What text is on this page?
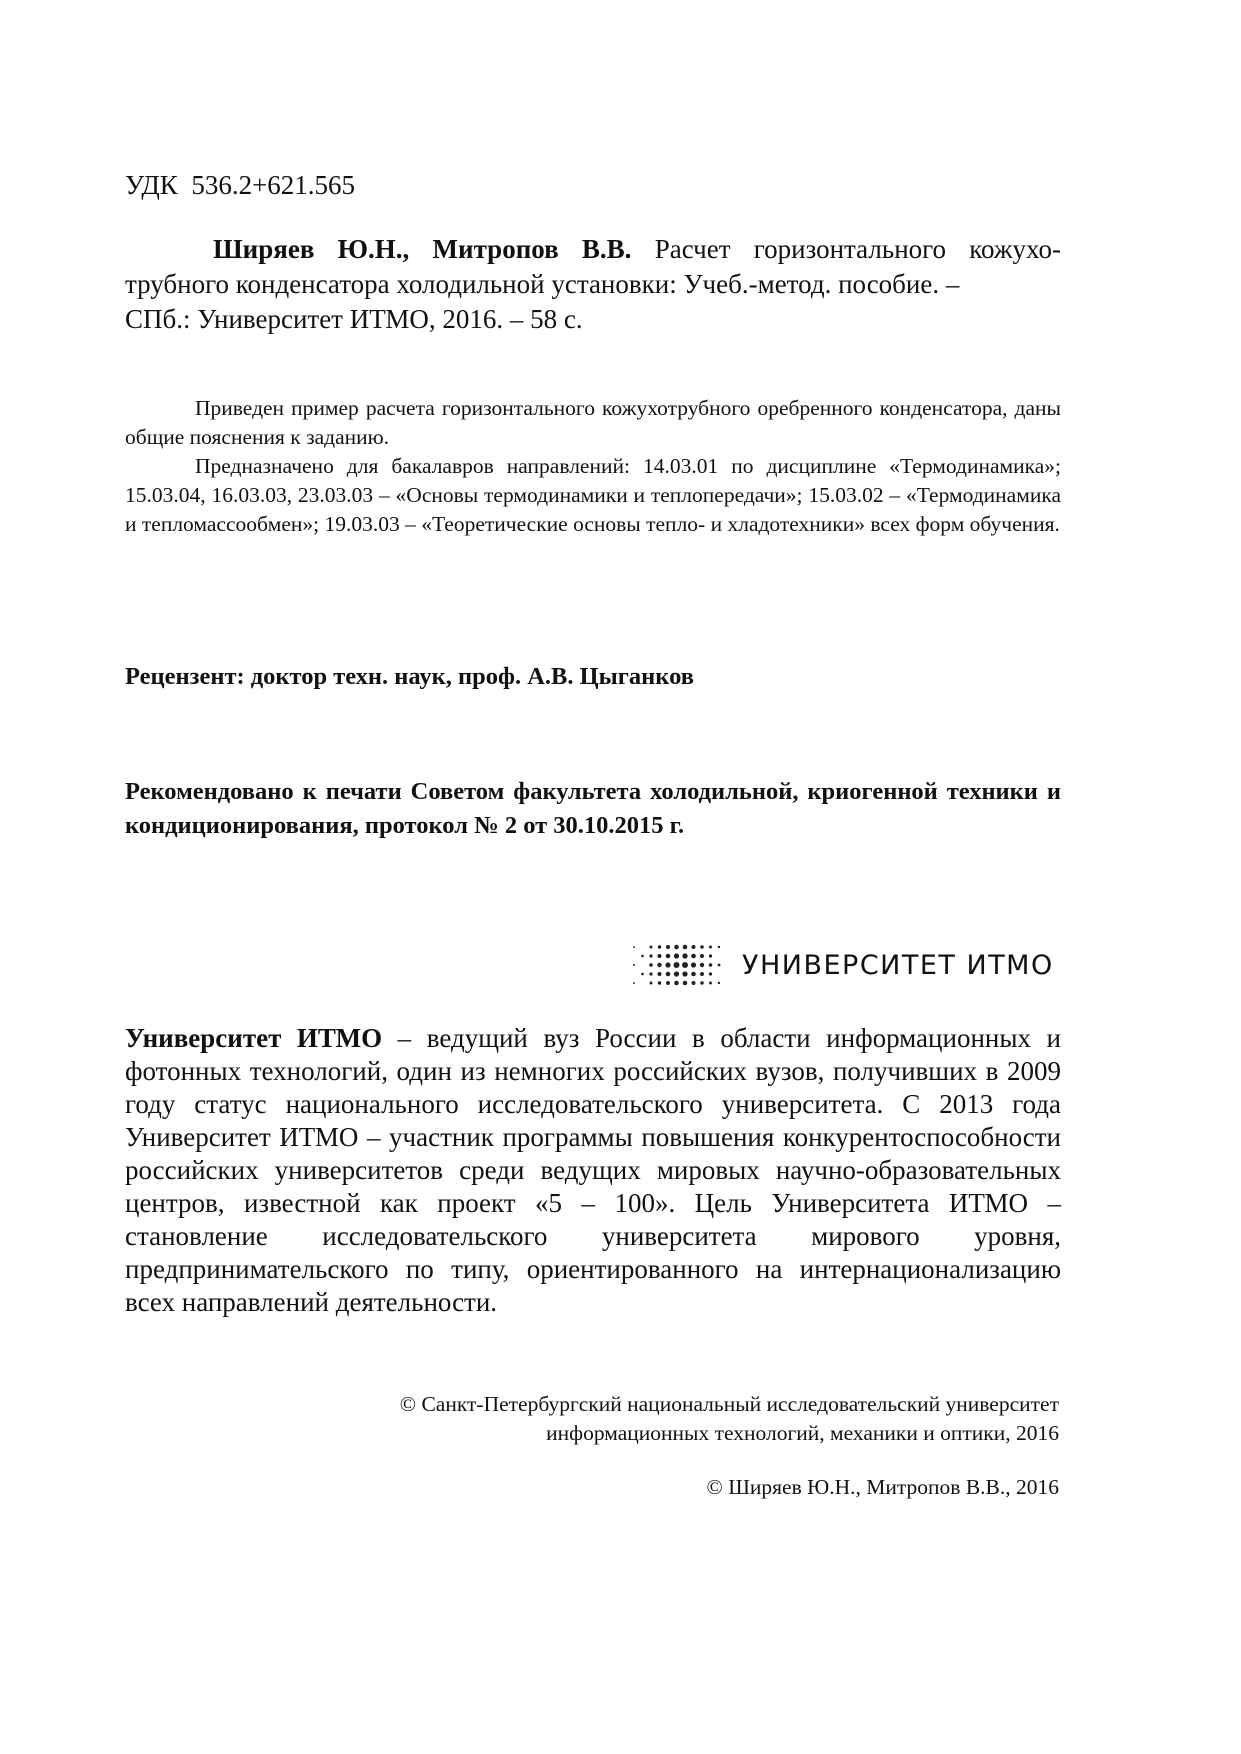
УДК  536.2+621.565
Ширяев Ю.Н., Митропов В.В. Расчет горизонтального кожухо-
трубного конденсатора холодильной установки: Учеб.-метод. пособие. –
СПб.: Университет ИТМО, 2016. – 58 с.

Приведен пример расчета горизонтального кожухотрубного оребренного конденсатора, даны общие пояснения к заданию.

Предназначено для бакалавров направлений: 14.03.01 по дисциплине «Термодинамика»; 15.03.04, 16.03.03, 23.03.03 – «Основы термодинамики и теплопередачи»; 15.03.02 – «Термодинамика и тепломассообмен»; 19.03.03 – «Теоретические основы тепло- и хладотехники» всех форм обучения.

Рецензент: доктор техн. наук, проф. А.В. Цыганков
Рекомендовано к печати Советом факультета холодильной, криогенной техники и кондиционирования, протокол № 2 от 30.10.2015 г.
УНИВЕРСИТЕТ ИТМО
Университет ИТМО – ведущий вуз России в области информационных и фотонных технологий, один из немногих российских вузов, получивших в 2009 году статус национального исследовательского университета. С 2013 года Университет ИТМО – участник программы повышения конкурентоспособности российских университетов среди ведущих мировых научно-образовательных центров, известной как проект «5 – 100». Цель Университета ИТМО – становление исследовательского университета мирового уровня, предпринимательского по типу, ориентированного на интернационализацию всех направлений деятельности.
© Санкт-Петербургский национальный исследовательский университет
информационных технологий, механики и оптики, 2016
© Ширяев Ю.Н., Митропов В.В., 2016
